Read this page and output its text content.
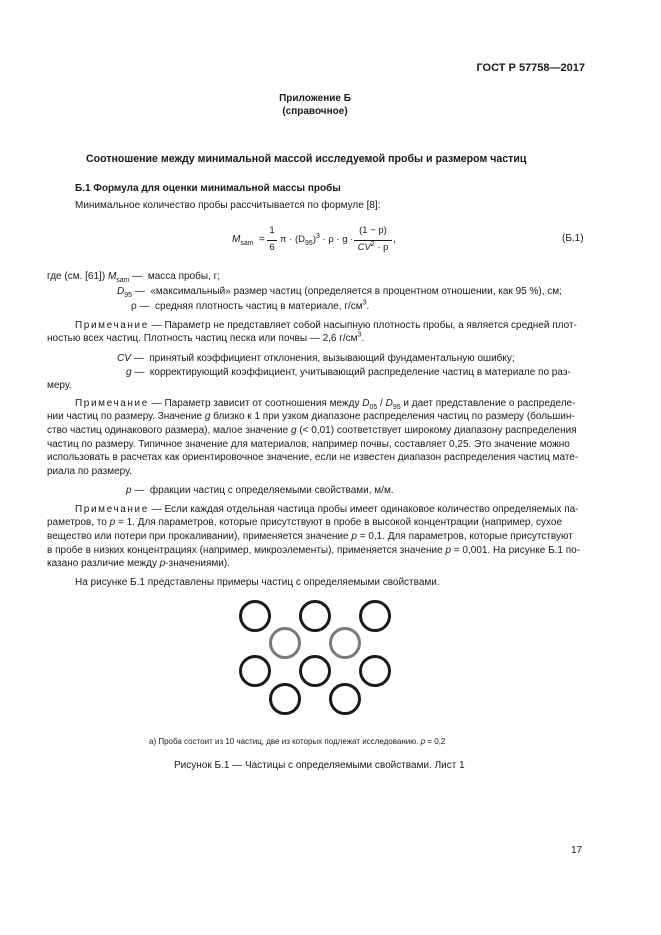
ГОСТ Р 57758—2017
Приложение Б
(справочное)
Соотношение между минимальной массой исследуемой пробы и размером частиц
Б.1 Формула для оценки минимальной массы пробы
Минимальное количество пробы рассчитывается по формуле [8]:
$M_{sam}$ =
1
6
$\pi \cdot (D_{95})^3 \cdot \rho \cdot g$ ·
(1 − p)
$CV^2 \cdot p$
,	(Б.1)
где (см. [61]) $M_{sam}$ — масса пробы, г;
$D_{95}$ — «максимальный» размер частиц (определяется в процентном отношении, как 95 %), см;
ρ — средняя плотность частиц в материале, $г/см^3$.
Примечание — Параметр не представляет собой насыпную плотность пробы, а является средней плот-
ностью всех частиц. Плотность частиц песка или почвы — 2,6 $г/см^3$.
CV — принятый коэффициент отклонения, вызывающий фундаментальную ошибку;
g — корректирующий коэффициент, учитывающий распределение частиц в материале по раз-
меру.
Примечание — Параметр зависит от соотношения между $D_{05} / D_{95}$ и дает представление о распределе-
нии частиц по размеру. Значение g близко к 1 при узком диапазоне распределения частиц по размеру (большин-
ство частиц одинакового размера), малое значение g (< 0,01) соответствует широкому диапазону распределения
частиц по размеру. Типичное значение для материалов, например почвы, составляет 0,25. Это значение можно
использовать в расчетах как ориентировочное значение, если не известен диапазон распределения частиц мате-
риала по размеру.
p — фракции частиц с определяемыми свойствами, м/м.
Примечание — Если каждая отдельная частица пробы имеет одинаковое количество определяемых па-
раметров, то p = 1. Для параметров, которые присутствуют в пробе в высокой концентрации (например, сухое
вещество или потери при прокаливании), применяется значение p = 0,1. Для параметров, которые присутствуют
в пробе в низких концентрациях (например, микроэлементы), применяется значение p = 0,001. На рисунке Б.1 по-
казано различие между p-значениями).
На рисунке Б.1 представлены примеры частиц с определяемыми свойствами.
а) Проба состоит из 10 частиц, две из которых подлежат исследованию. p = 0,2
Рисунок Б.1 — Частицы с определяемыми свойствами. Лист 1
17
